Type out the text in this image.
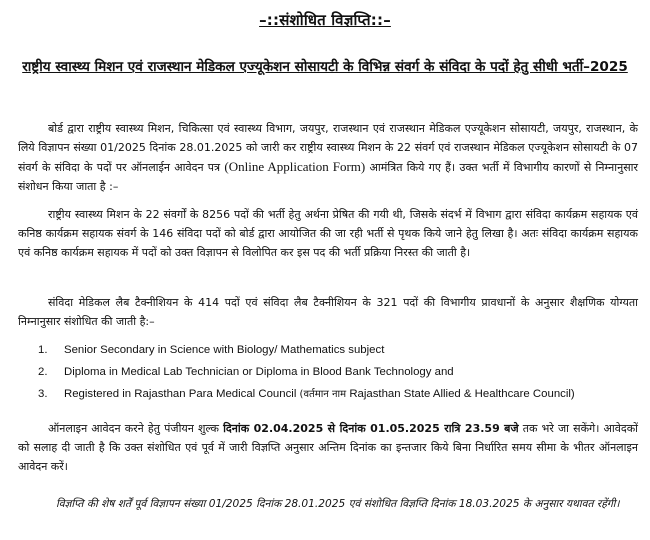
–::संशोधित विज्ञप्ति::–
राष्ट्रीय स्वास्थ्य मिशन एवं राजस्थान मेडिकल एज्यूकेशन सोसायटी के विभिन्न संवर्ग के संविदा के पदों हेतु सीधी भर्ती–2025
बोर्ड द्वारा राष्ट्रीय स्वास्थ्य मिशन, चिकित्सा एवं स्वास्थ्य विभाग, जयपुर, राजस्थान एवं राजस्थान मेडिकल एज्यूकेशन सोसायटी, जयपुर, राजस्थान, के लिये विज्ञापन संख्या 01/2025 दिनांक 28.01.2025 को जारी कर राष्ट्रीय स्वास्थ्य मिशन के 22 संवर्ग एवं राजस्थान मेडिकल एज्यूकेशन सोसायटी के 07 संवर्ग के संविदा के पदों पर ऑनलाईन आवेदन पत्र (Online Application Form) आमंत्रित किये गए हैं। उक्त भर्ती में विभागीय कारणों से निम्नानुसार संशोधन किया जाता है :–
राष्ट्रीय स्वास्थ्य मिशन के 22 संवर्गों के 8256 पदों की भर्ती हेतु अर्थना प्रेषित की गयी थी, जिसके संदर्भ में विभाग द्वारा संविदा कार्यक्रम सहायक एवं कनिष्ठ कार्यक्रम सहायक संवर्ग के 146 संविदा पदों को बोर्ड द्वारा आयोजित की जा रही भर्ती से पृथक किये जाने हेतु लिखा है। अतः संविदा कार्यक्रम सहायक एवं कनिष्ठ कार्यक्रम सहायक में पदों को उक्त विज्ञापन से विलोपित कर इस पद की भर्ती प्रक्रिया निरस्त की जाती है।
संविदा मेडिकल लैब टैक्नीशियन के 414 पदों एवं संविदा लैब टैक्नीशियन के 321 पदों की विभागीय प्रावधानों के अनुसार शैक्षणिक योग्यता निम्नानुसार संशोधित की जाती है:–
1. Senior Secondary in Science with Biology/ Mathematics subject
2. Diploma in Medical Lab Technician or Diploma in Blood Bank Technology and
3. Registered in Rajasthan Para Medical Council (वर्तमान नाम Rajasthan State Allied & Healthcare Council)
ऑनलाइन आवेदन करने हेतु पंजीयन शुल्क दिनांक 02.04.2025 से दिनांक 01.05.2025 रात्रि 23.59 बजे तक भरे जा सकेंगे। आवेदकों को सलाह दी जाती है कि उक्त संशोधित एवं पूर्व में जारी विज्ञप्ति अनुसार अन्तिम दिनांक का इन्तजार किये बिना निर्धारित समय सीमा के भीतर ऑनलाइन आवेदन करें।
विज्ञप्ति की शेष शर्तें पूर्व विज्ञापन संख्या 01/2025 दिनांक 28.01.2025 एवं संशोधित विज्ञप्ति दिनांक 18.03.2025 के अनुसार यथावत रहेंगी।
